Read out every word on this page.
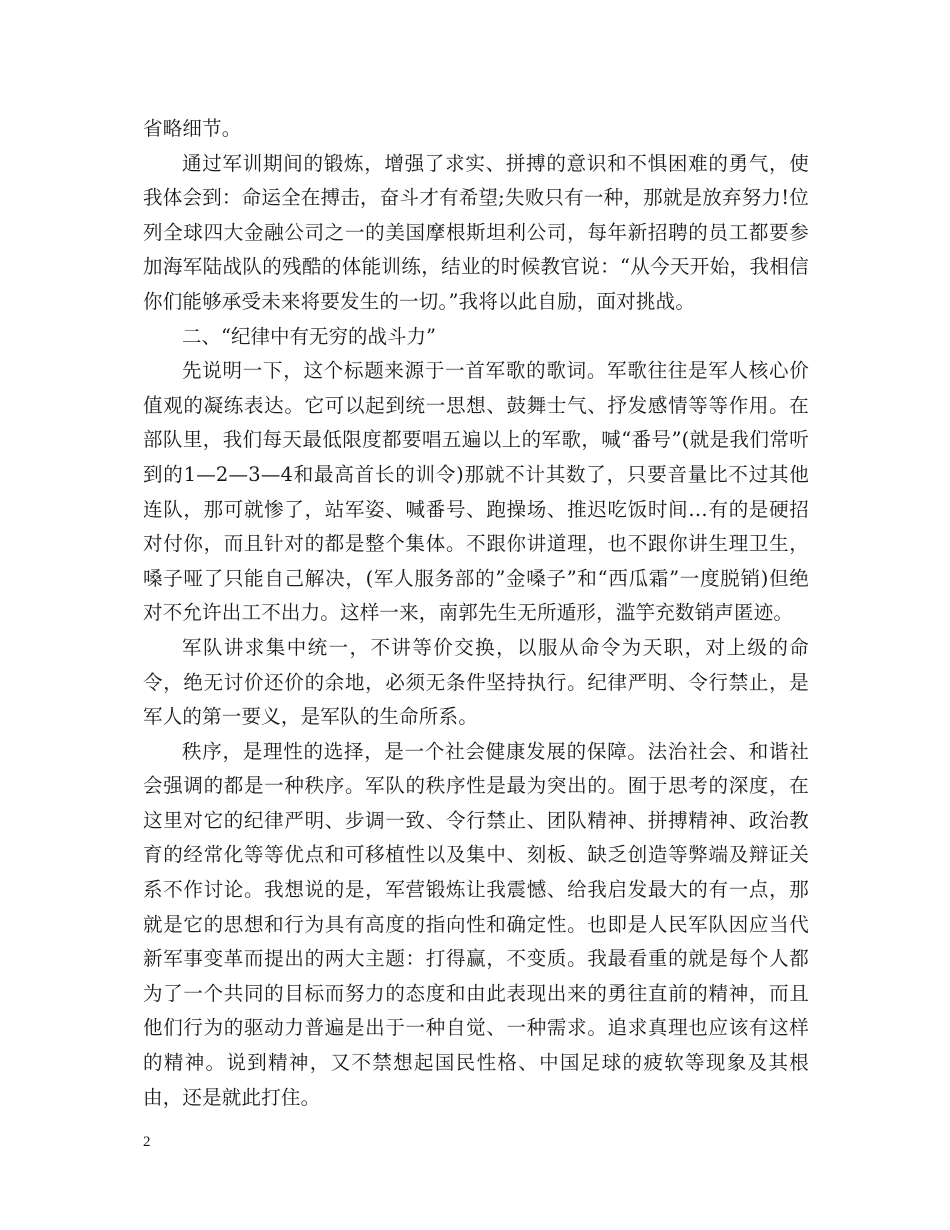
省略细节。

通过军训期间的锻炼，增强了求实、拼搏的意识和不惧困难的勇气，使我体会到：命运全在搏击，奋斗才有希望;失败只有一种，那就是放弃努力!位列全球四大金融公司之一的美国摩根斯坦利公司，每年新招聘的员工都要参加海军陆战队的残酷的体能训练，结业的时候教官说：“从今天开始，我相信你们能够承受未来将要发生的一切。”我将以此自励，面对挑战。

二、“纪律中有无穷的战斗力”

先说明一下，这个标题来源于一首军歌的歌词。军歌往往是军人核心价值观的凝练表达。它可以起到统一思想、鼓舞士气、抒发感情等等作用。在部队里，我们每天最低限度都要唱五遍以上的军歌，喊“番号”(就是我们常听到的1—2—3—4和最高首长的训令)那就不计其数了，只要音量比不过其他连队，那可就惨了，站军姿、喊番号、跑操场、推迟吃饭时间…有的是硬招对付你，而且针对的都是整个集体。不跟你讲道理，也不跟你讲生理卫生，嗓子哑了只能自己解决，(军人服务部的”金嗓子”和“西瓜霜”一度脱销)但绝对不允许出工不出力。这样一来，南郭先生无所遁形，滥竽充数销声匿迹。

军队讲求集中统一，不讲等价交换，以服从命令为天职，对上级的命令，绝无讨价还价的余地，必须无条件坚持执行。纪律严明、令行禁止，是军人的第一要义，是军队的生命所系。

秩序，是理性的选择，是一个社会健康发展的保障。法治社会、和谐社会强调的都是一种秩序。军队的秩序性是最为突出的。囿于思考的深度，在这里对它的纪律严明、步调一致、令行禁止、团队精神、拼搏精神、政治教育的经常化等等优点和可移植性以及集中、刻板、缺乏创造等弊端及辩证关系不作讨论。我想说的是，军营锻炼让我震憾、给我启发最大的有一点，那就是它的思想和行为具有高度的指向性和确定性。也即是人民军队因应当代新军事变革而提出的两大主题：打得赢，不变质。我最看重的就是每个人都为了一个共同的目标而努力的态度和由此表现出来的勇往直前的精神，而且他们行为的驱动力普遍是出于一种自觉、一种需求。追求真理也应该有这样的精神。说到精神，又不禁想起国民性格、中国足球的疲软等现象及其根由，还是就此打住。

2
